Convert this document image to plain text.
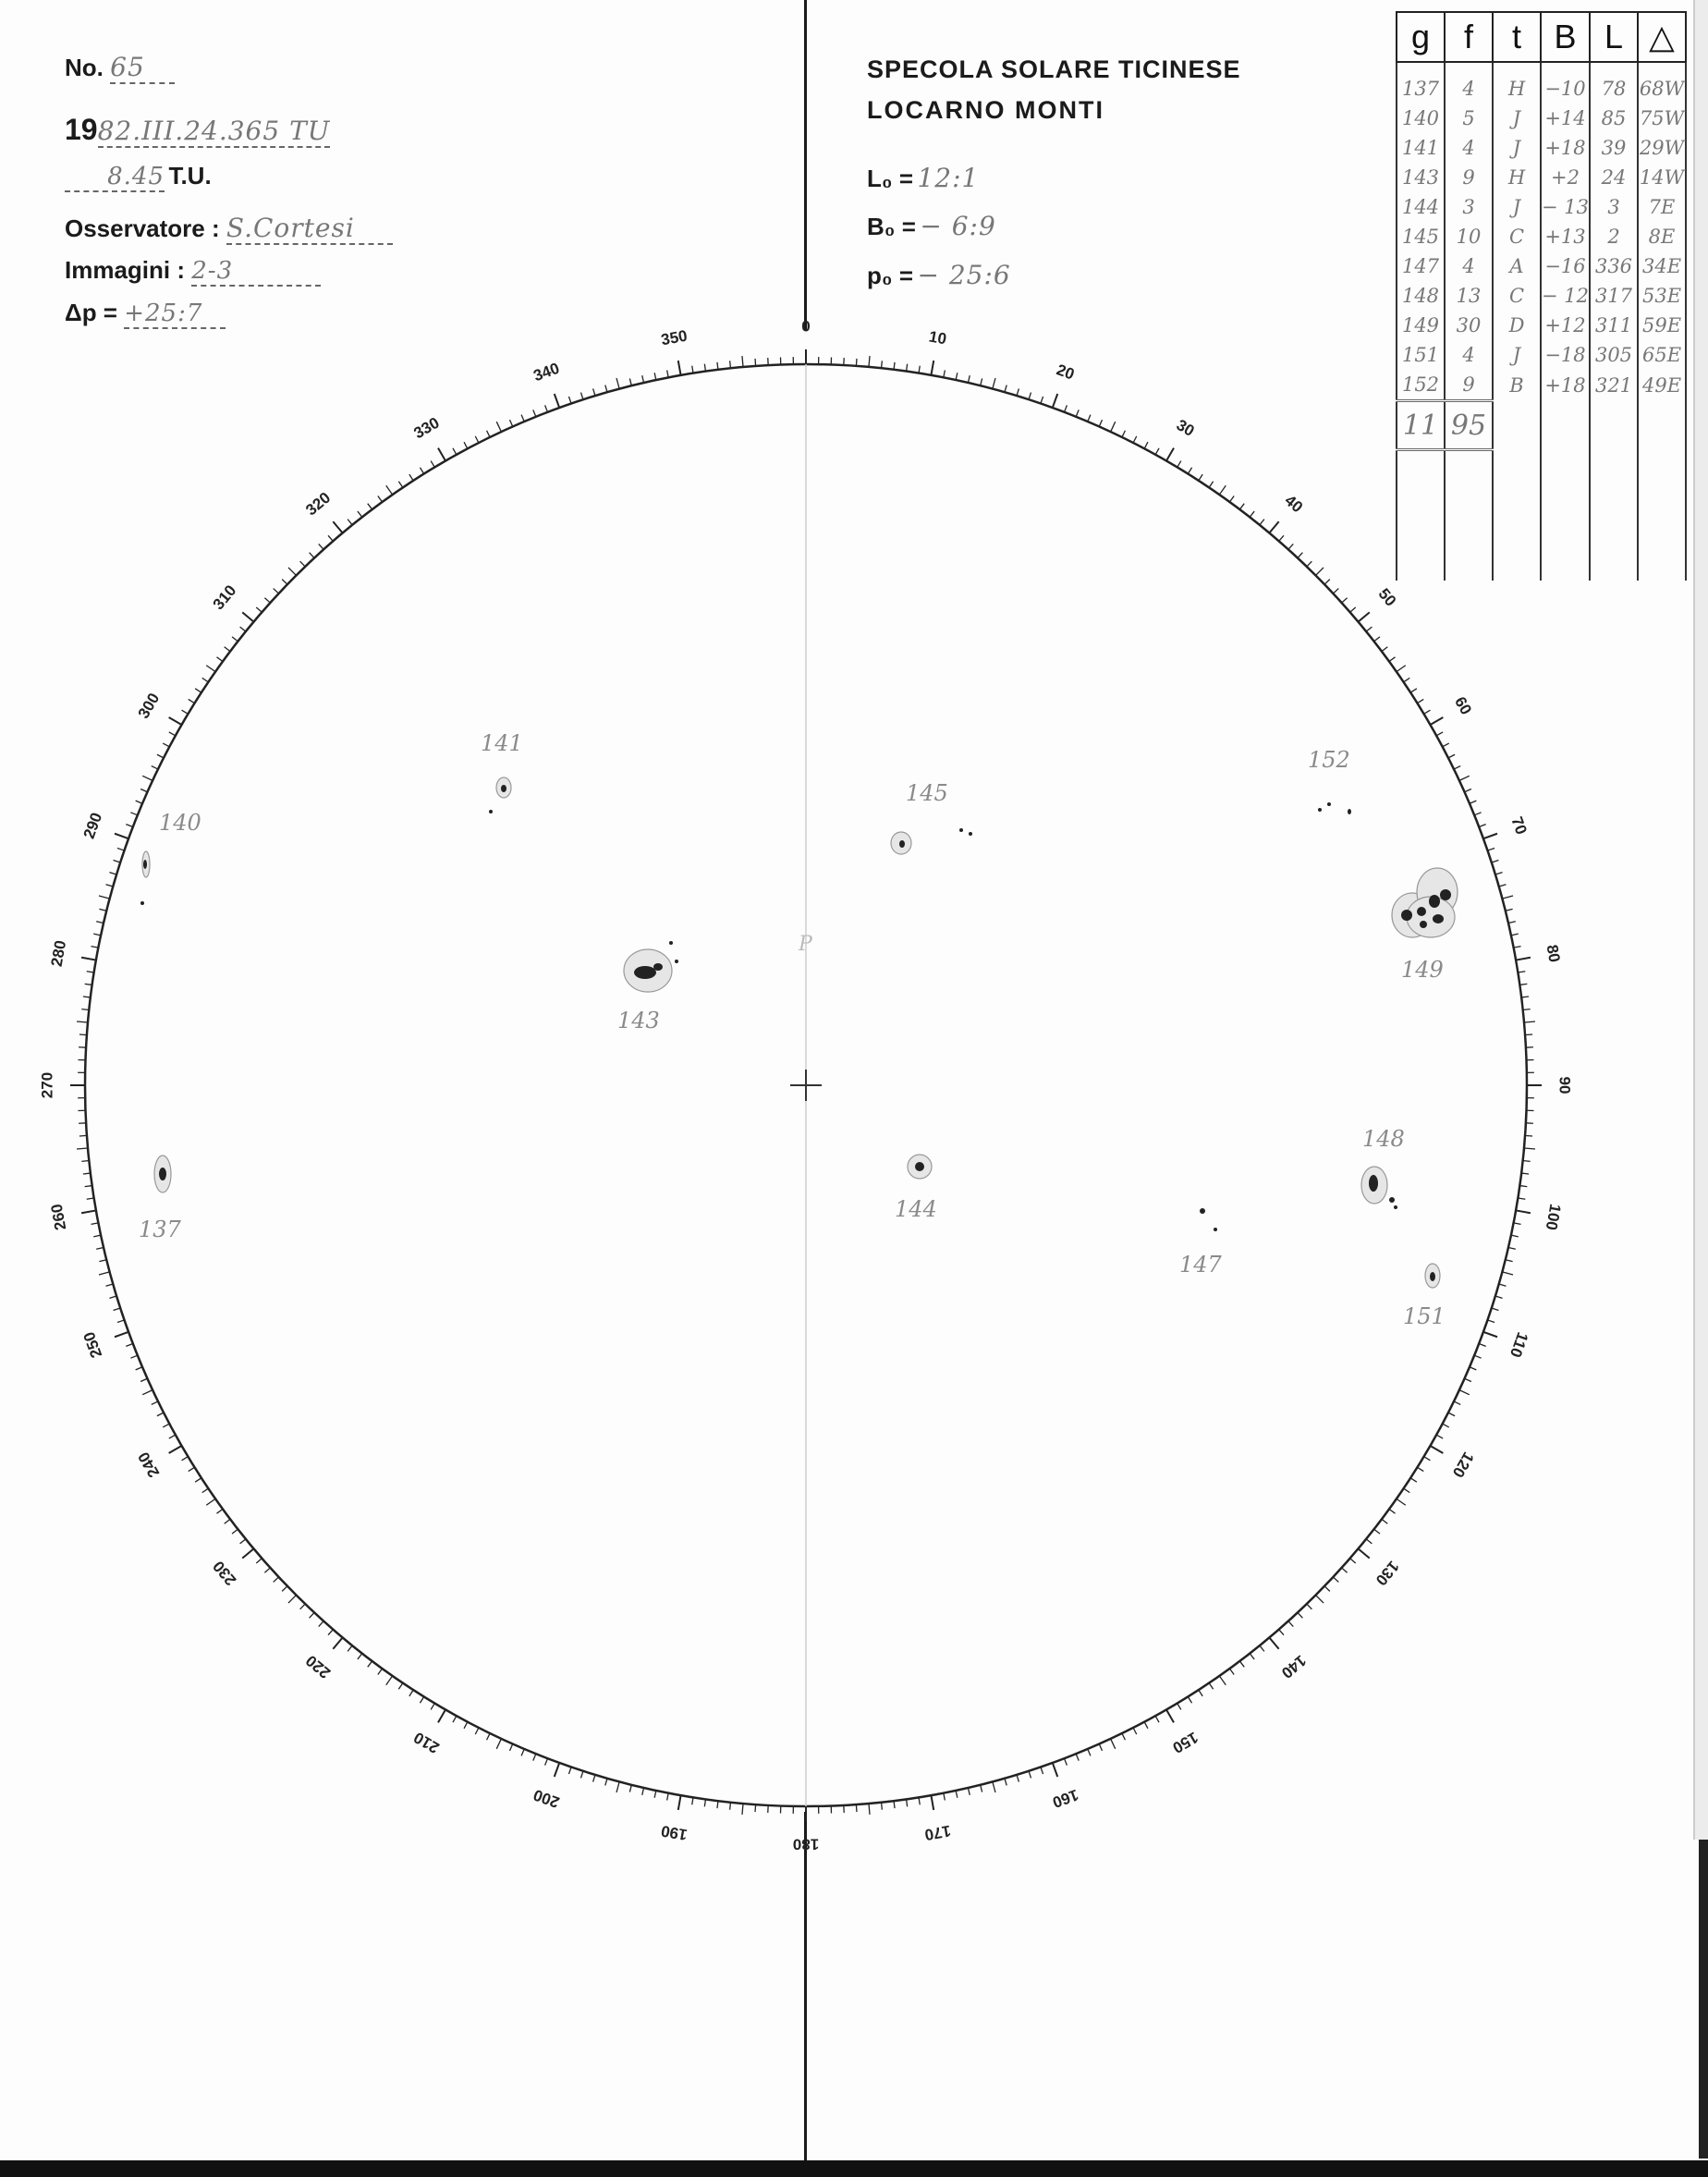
No. 65
1982.III.24.365 TU
8.45 T.U.
Osservatore : S.Cortesi
Immagini : 2-3
Δp = +25:7
SPECOLA SOLARE TICINESE
LOCARNO MONTI
L₀ = 12:1
B₀ = − 6:9
p₀ = − 25:6
g	f	t	B	L	△
137	4	H	−10	78	68W
140	5	J	+14	85	75W
141	4	J	+18	39	29W
143	9	H	+2	24	14W
144	3	J	− 13	3	7E
145	10	C	+13	2	8E
147	4	A	−16	336	34E
148	13	C	− 12	317	53E
149	30	D	+12	311	59E
151	4	J	−18	305	65E
152	9	B	+18	321	49E
11	95				

0
10
20
30
40
50
60
70
80
90
100
110
120
130
140
150
160
170
180
190
200
210
220
230
240
250
260
270
280
290
300
310
320
330
340
350
P
137
140
141
143
144
145
147
148
149
151
152
